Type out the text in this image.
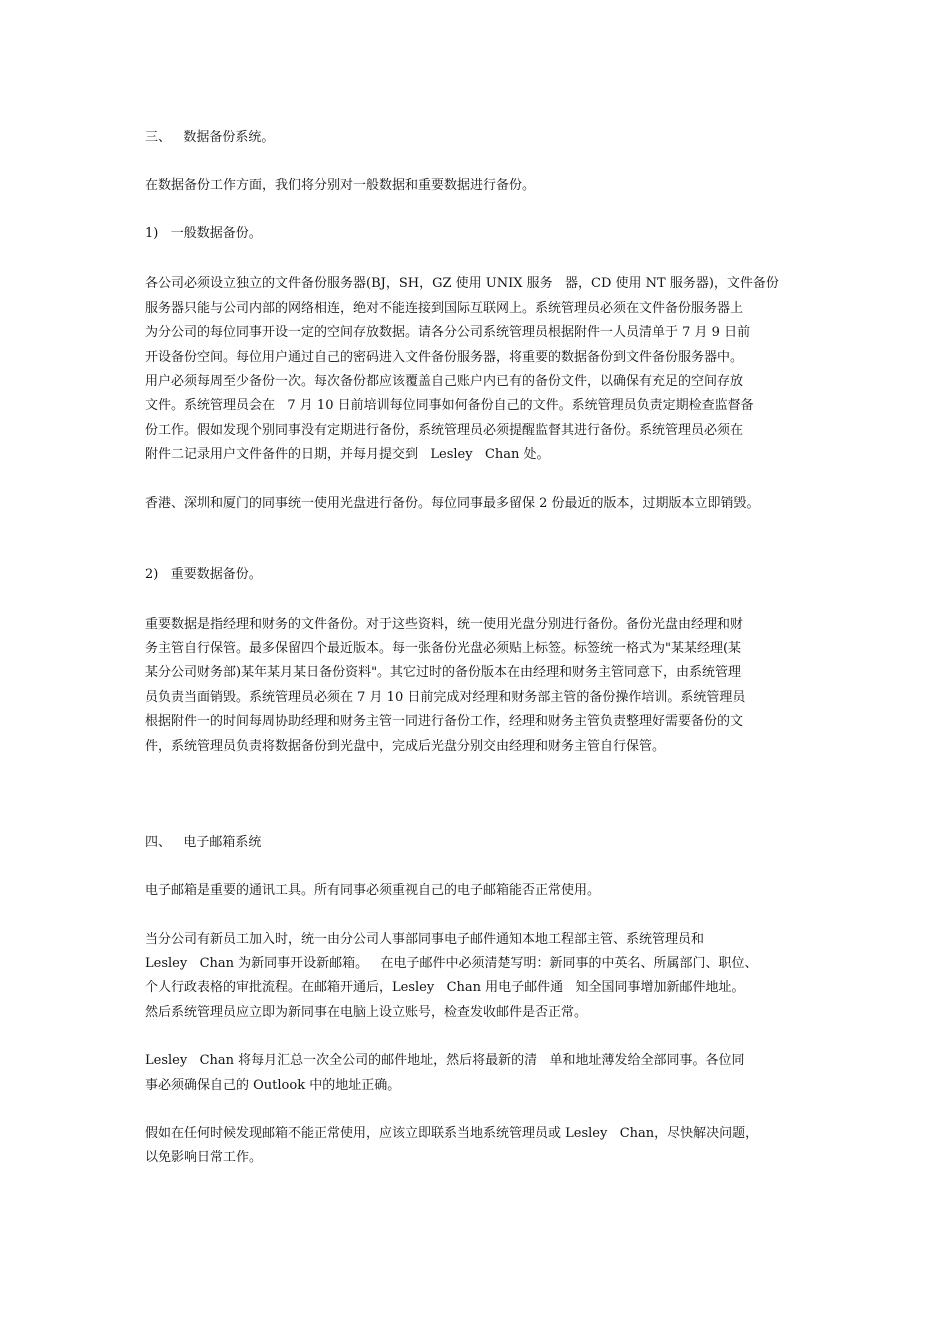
三、   数据备份系统。

在数据备份工作方面，我们将分别对一般数据和重要数据进行备份。

1)   一般数据备份。

各公司必须设立独立的文件备份服务器(BJ，SH，GZ 使用 UNIX 服务   器，CD 使用 NT 服务器)，文件备份
服务器只能与公司内部的网络相连，绝对不能连接到国际互联网上。系统管理员必须在文件备份服务器上
为分公司的每位同事开设一定的空间存放数据。请各分公司系统管理员根据附件一人员清单于 7 月 9 日前
开设备份空间。每位用户通过自己的密码进入文件备份服务器，将重要的数据备份到文件备份服务器中。
用户必须每周至少备份一次。每次备份都应该覆盖自己账户内已有的备份文件，以确保有充足的空间存放
文件。系统管理员会在   7 月 10 日前培训每位同事如何备份自己的文件。系统管理员负责定期检查监督备
份工作。假如发现个别同事没有定期进行备份，系统管理员必须提醒监督其进行备份。系统管理员必须在
附件二记录用户文件备件的日期，并每月提交到   Lesley   Chan 处。

香港、深圳和厦门的同事统一使用光盘进行备份。每位同事最多留保 2 份最近的版本，过期版本立即销毁。

2)   重要数据备份。

重要数据是指经理和财务的文件备份。对于这些资料，统一使用光盘分别进行备份。备份光盘由经理和财
务主管自行保管。最多保留四个最近版本。每一张备份光盘必须贴上标签。标签统一格式为"某某经理(某
某分公司财务部)某年某月某日备份资料"。其它过时的备份版本在由经理和财务主管同意下，由系统管理
员负责当面销毁。系统管理员必须在 7 月 10 日前完成对经理和财务部主管的备份操作培训。系统管理员
根据附件一的时间每周协助经理和财务主管一同进行备份工作，经理和财务主管负责整理好需要备份的文
件，系统管理员负责将数据备份到光盘中，完成后光盘分别交由经理和财务主管自行保管。

四、   电子邮箱系统

电子邮箱是重要的通讯工具。所有同事必须重视自己的电子邮箱能否正常使用。

当分公司有新员工加入时，统一由分公司人事部同事电子邮件通知本地工程部主管、系统管理员和
Lesley   Chan 为新同事开设新邮箱。   在电子邮件中必须清楚写明：新同事的中英名、所属部门、职位、
个人行政表格的审批流程。在邮箱开通后，Lesley   Chan 用电子邮件通   知全国同事增加新邮件地址。
然后系统管理员应立即为新同事在电脑上设立账号，检查发收邮件是否正常。
Lesley   Chan 将每月汇总一次全公司的邮件地址，然后将最新的清   单和地址薄发给全部同事。各位同
事必须确保自己的 Outlook 中的地址正确。
假如在任何时候发现邮箱不能正常使用，应该立即联系当地系统管理员或 Lesley   Chan，尽快解决问题，
以免影响日常工作。
